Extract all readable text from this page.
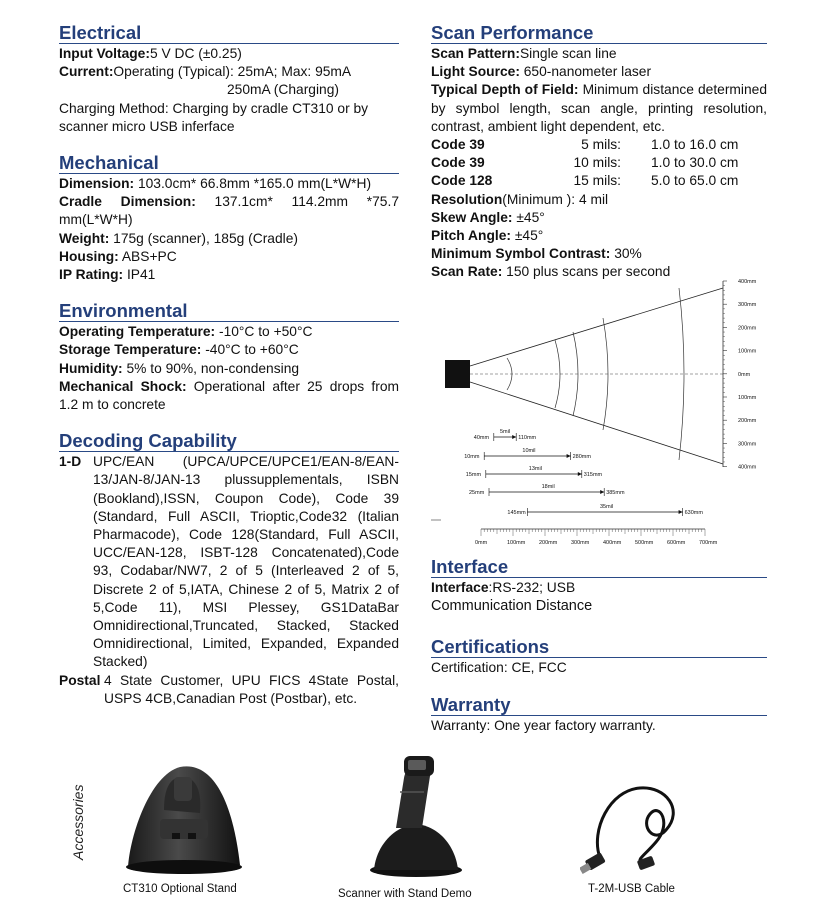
Electrical
Input Voltage:5 V DC (±0.25)
Current:Operating (Typical): 25mA; Max: 95mA
250mA (Charging)
Charging Method: Charging by cradle CT310 or by scanner micro USB inferface
Mechanical
Dimension: 103.0cm* 66.8mm *165.0 mm(L*W*H)
Cradle Dimension: 137.1cm* 114.2mm *75.7 mm(L*W*H)
Weight: 175g (scanner), 185g (Cradle)
Housing: ABS+PC
IP Rating: IP41
Environmental
Operating Temperature: -10°C to +50°C
Storage Temperature: -40°C to +60°C
Humidity: 5% to 90%, non-condensing
Mechanical Shock: Operational after 25 drops from 1.2 m to concrete
Decoding Capability
1-D UPC/EAN (UPCA/UPCE/UPCE1/EAN-8/EAN-13/JAN-8/JAN-13 plussupplementals, ISBN (Bookland),ISSN, Coupon Code), Code 39 (Standard, Full ASCII, Trioptic,Code32 (Italian Pharmacode), Code 128(Standard, Full ASCII, UCC/EAN-128, ISBT-128 Concatenated),Code 93, Codabar/NW7, 2 of 5 (Interleaved 2 of 5, Discrete 2 of 5,IATA, Chinese 2 of 5, Matrix 2 of 5,Code 11), MSI Plessey, GS1DataBar Omnidirectional,Truncated, Stacked, Stacked Omnidirectional, Limited, Expanded, Expanded Stacked)
Postal 4 State Customer, UPU FICS 4State Postal, USPS 4CB,Canadian Post (Postbar), etc.
Scan Performance
Scan Pattern:Single scan line
Light Source: 650-nanometer laser
Typical Depth of Field: Minimum distance determined by symbol length, scan angle, printing resolution, contrast, ambient light dependent, etc.
Code 39	5 mils:	1.0 to 16.0 cm
Code 39	10 mils:	1.0 to 30.0 cm
Code 128	15 mils:	5.0 to 65.0 cm
Resolution(Minimum ): 4 mil
Skew Angle: ±45°
Pitch Angle: ±45°
Minimum Symbol Contrast: 30%
Scan Rate: 150 plus scans per second
400mm
300mm
200mm
100mm
0mm
100mm
200mm
300mm
400mm
40mm	110mm
5mil
10mm	280mm
10mil
15mm	315mm
13mil
25mm	385mm
18mil
145mm	630mm
35mil
0mm	100mm 200mm 300mm 400mm 500mm 600mm 700mm
Interface
Interface:RS-232; USB
Communication Distance
Certifications
Certification: CE, FCC
Warranty
Warranty: One year factory warranty.
Accessories
CT310 Optional Stand	Scanner with Stand Demo	T-2M-USB Cable
